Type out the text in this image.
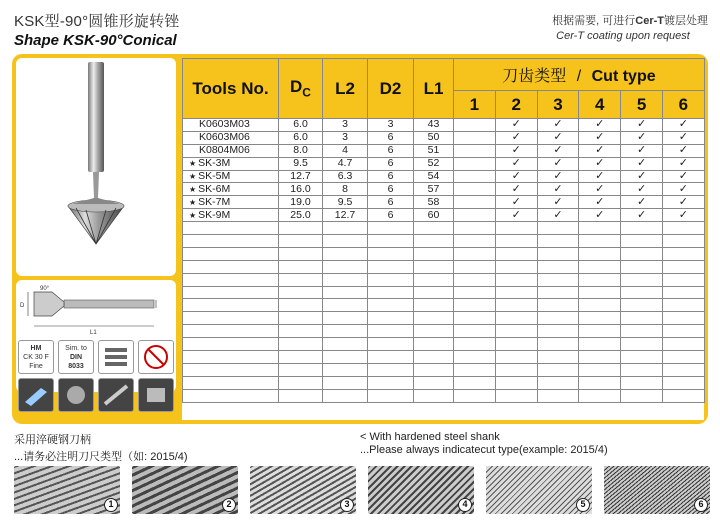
KSK型-90°圆锥形旋转锉
Shape KSK-90°Conical
根据需要, 可进行Cer-T镀层处理
Cer-T coating upon request
D
90°
L1
HM
CK 30 F
Fine
Sim. to
DIN
8033
Tools No.	$D_C$	L2	D2	L1	刀齿类型 / Cut type					
					1	2	3	4	5	6
K0603M03	6.0	3	3	43		✓	✓	✓	✓	✓
K0603M06	6.0	3	6	50		✓	✓	✓	✓	✓
K0804M06	8.0	4	6	51		✓	✓	✓	✓	✓
★ SK-3M	9.5	4.7	6	52		✓	✓	✓	✓	✓
★ SK-5M	12.7	6.3	6	54		✓	✓	✓	✓	✓
★ SK-6M	16.0	8	6	57		✓	✓	✓	✓	✓
★ SK-7M	19.0	9.5	6	58		✓	✓	✓	✓	✓
★ SK-9M	25.0	12.7	6	60		✓	✓	✓	✓	✓

采用淬硬钢刀柄
...请务必注明刀尺类型（如: 2015/4)
< With hardened steel shank
...Please always indicatecut type(example: 2015/4)
1	2	3	4	5	6
